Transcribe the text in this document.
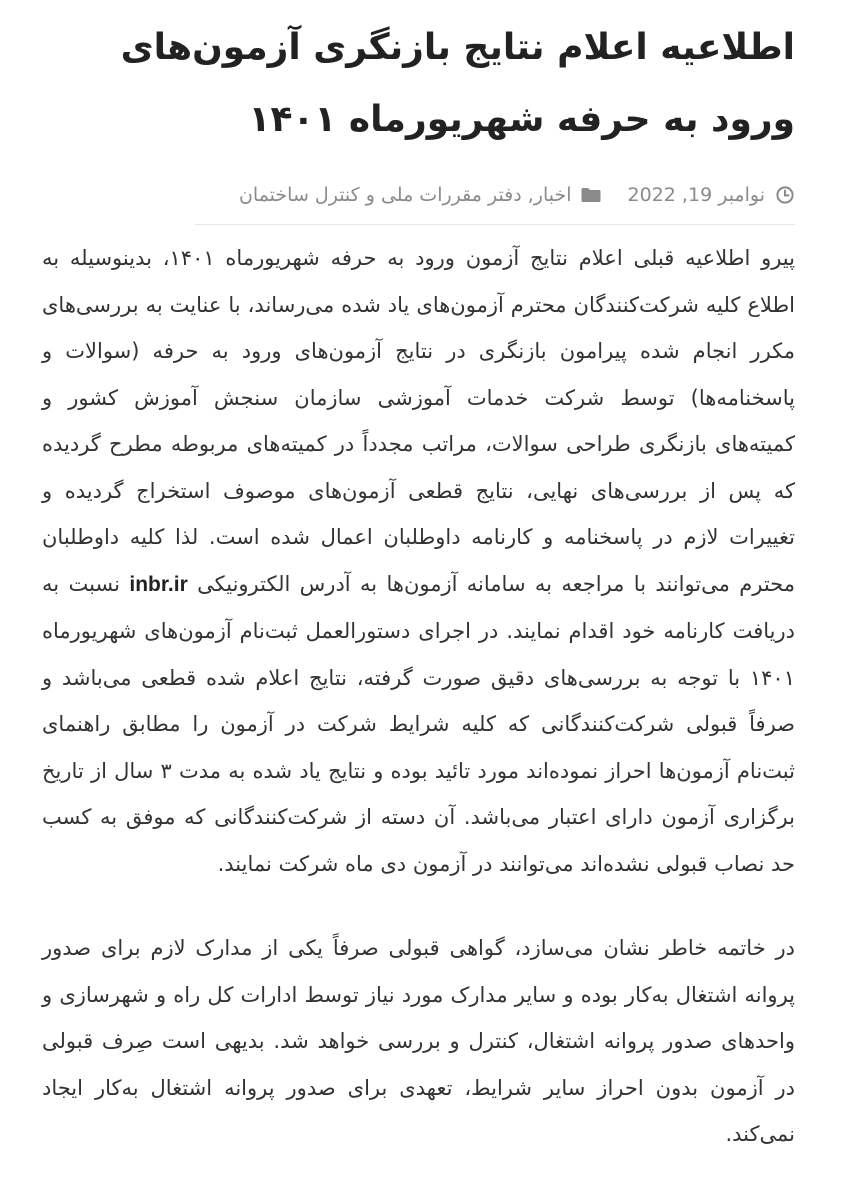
اطلاعیه اعلام نتایج بازنگری آزمون‌های ورود به حرفه شهریورماه ۱۴۰۱
نوامبر 19, 2022
اخبار, دفتر مقررات ملی و کنترل ساختمان

پیرو اطلاعیه قبلی اعلام نتایج آزمون ورود به حرفه شهریورماه ۱۴۰۱، بدینوسیله به اطلاع کلیه شرکت‌کنندگان محترم آزمون‌های یاد شده می‌رساند، با عنایت به بررسی‌های مکرر انجام شده پیرامون بازنگری در نتایج آزمون‌های ورود به حرفه (سوالات و پاسخنامه‌ها) توسط شرکت خدمات آموزشی سازمان سنجش آموزش کشور و کمیته‌های بازنگری طراحی سوالات، مراتب مجدداً در کمیته‌های مربوطه مطرح گردیده که پس از بررسی‌های نهایی، نتایج قطعی آزمون‌های موصوف استخراج گردیده و تغییرات لازم در پاسخنامه و کارنامه داوطلبان اعمال شده است. لذا کلیه داوطلبان محترم می‌توانند با مراجعه به سامانه آزمون‌ها به آدرس الکترونیکی inbr.ir نسبت به دریافت کارنامه خود اقدام نمایند. در اجرای دستورالعمل ثبت‌نام آزمون‌های شهریورماه ۱۴۰۱ با توجه به بررسی‌های دقیق صورت گرفته، نتایج اعلام شده قطعی می‌باشد و صرفاً قبولی شرکت‌کنندگانی که کلیه شرایط شرکت در آزمون را مطابق راهنمای ثبت‌نام آزمون‌ها احراز نموده‌اند مورد تائید بوده و نتایج یاد شده به مدت ۳ سال از تاریخ برگزاری آزمون دارای اعتبار می‌باشد. آن دسته از شرکت‌کنندگانی که موفق به کسب حد نصاب قبولی نشده‌اند می‌توانند در آزمون دی ماه شرکت نمایند.

در خاتمه خاطر نشان می‌سازد، گواهی قبولی صرفاً یکی از مدارک لازم برای صدور پروانه اشتغال به‌کار بوده و سایر مدارک مورد نیاز توسط ادارات کل راه و شهرسازی و واحدهای صدور پروانه اشتغال، کنترل و بررسی خواهد شد. بدیهی است صِرف قبولی در آزمون بدون احراز سایر شرایط، تعهدی برای صدور پروانه اشتغال به‌کار ایجاد نمی‌کند.
